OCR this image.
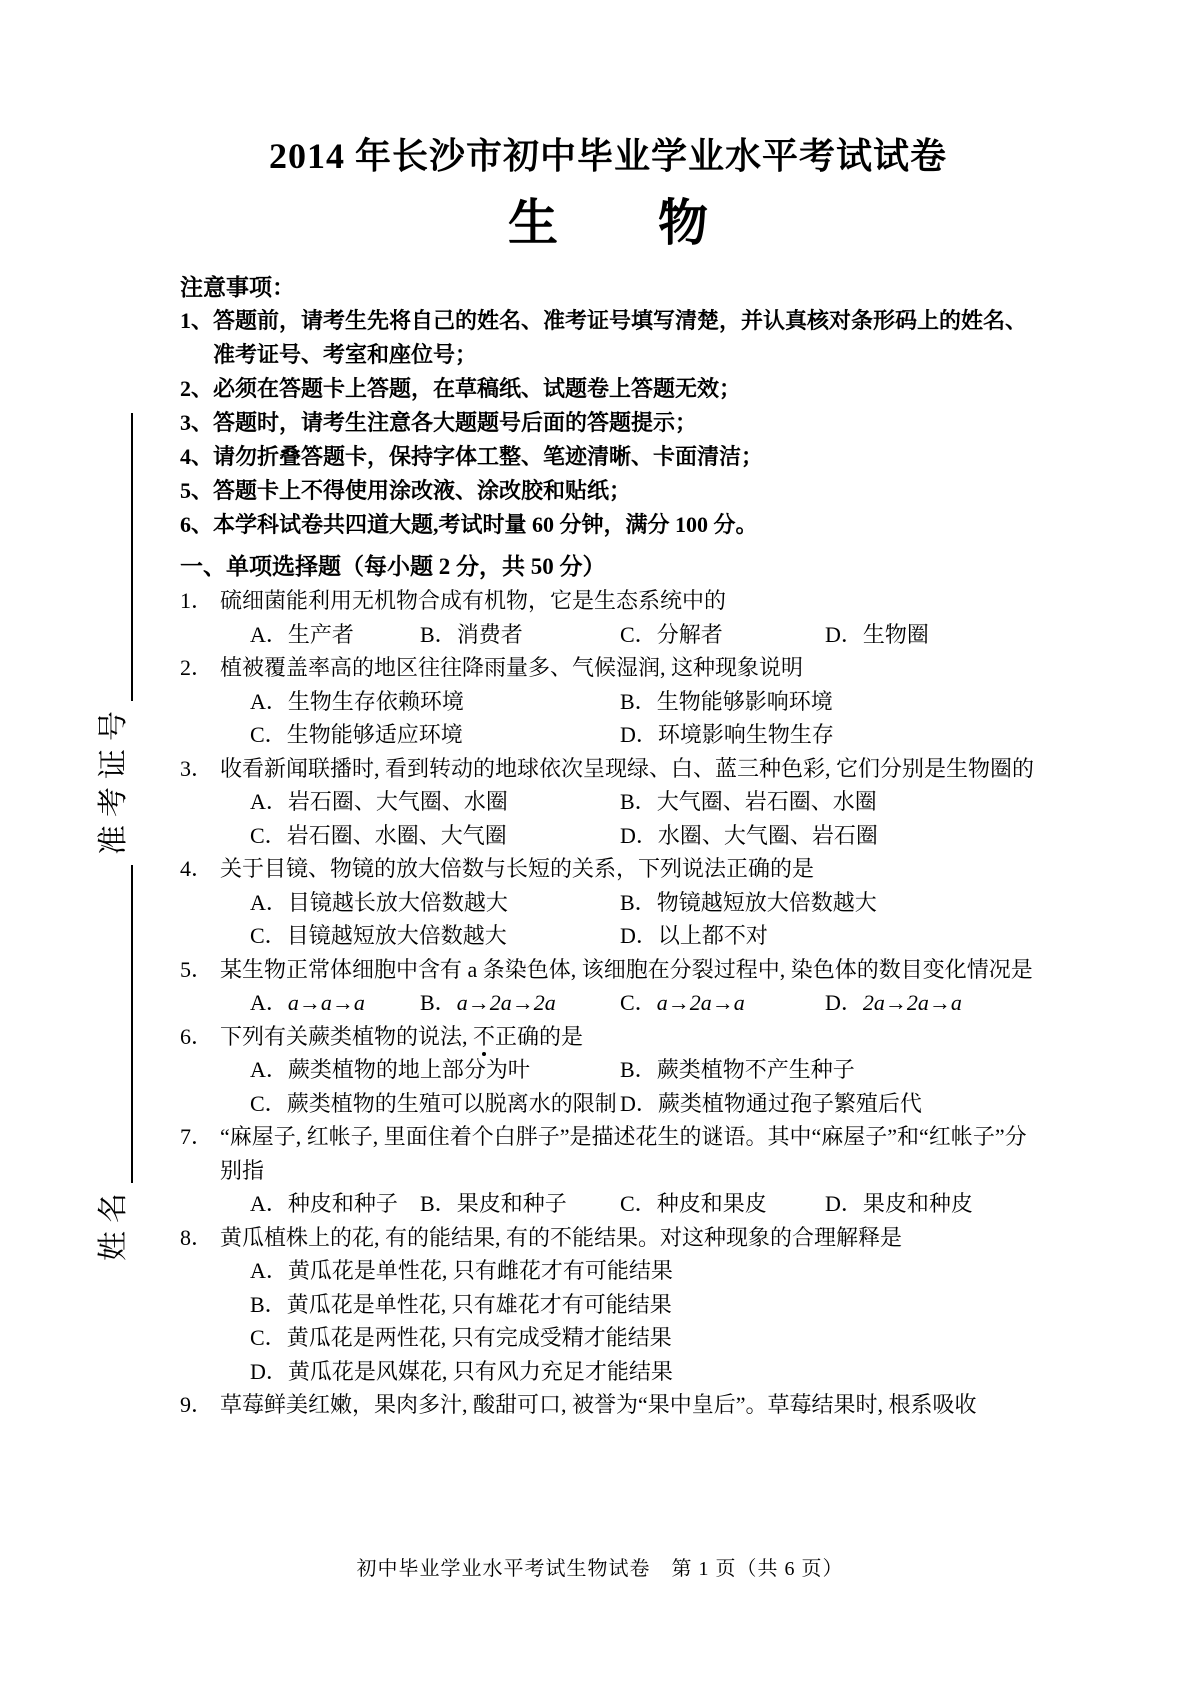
姓名
准考证号
2014 年长沙市初中毕业学业水平考试试卷
生　　物
注意事项：
1、 答题前，请考生先将自己的姓名、准考证号填写清楚，并认真核对条形码上的姓名、准考证号、考室和座位号；
2、 必须在答题卡上答题，在草稿纸、试题卷上答题无效；
3、 答题时，请考生注意各大题题号后面的答题提示；
4、 请勿折叠答题卡，保持字体工整、笔迹清晰、卡面清洁；
5、 答题卡上不得使用涂改液、涂改胶和贴纸；
6、 本学科试卷共四道大题,考试时量 60 分钟，满分 100 分。
一、单项选择题（每小题 2 分，共 50 分）
1． 硫细菌能利用无机物合成有机物，它是生态系统中的
A．生产者	B．消费者	C．分解者	D．生物圈
2． 植被覆盖率高的地区往往降雨量多、气候湿润, 这种现象说明
A．生物生存依赖环境	B．生物能够影响环境
C．生物能够适应环境	D．环境影响生物生存
3． 收看新闻联播时, 看到转动的地球依次呈现绿、白、蓝三种色彩, 它们分别是生物圈的
A．岩石圈、大气圈、水圈	B．大气圈、岩石圈、水圈
C．岩石圈、水圈、大气圈	D．水圈、大气圈、岩石圈
4． 关于目镜、物镜的放大倍数与长短的关系，下列说法正确的是
A．目镜越长放大倍数越大	B．物镜越短放大倍数越大
C．目镜越短放大倍数越大	D．以上都不对
5． 某生物正常体细胞中含有 a 条染色体, 该细胞在分裂过程中, 染色体的数目变化情况是
A．a→a→a	B．a→2a→2a	C．a→2a→a	D．2a→2a→a
6． 下列有关蕨类植物的说法, 不正确的是
A．蕨类植物的地上部分为叶	B．蕨类植物不产生种子
C．蕨类植物的生殖可以脱离水的限制 D．蕨类植物通过孢子繁殖后代
7． “麻屋子, 红帐子, 里面住着个白胖子”是描述花生的谜语。其中“麻屋子”和“红帐子”分别指
A．种皮和种子	B．果皮和种子	C．种皮和果皮	D．果皮和种皮
8． 黄瓜植株上的花, 有的能结果, 有的不能结果。对这种现象的合理解释是
A．黄瓜花是单性花, 只有雌花才有可能结果
B．黄瓜花是单性花, 只有雄花才有可能结果
C．黄瓜花是两性花, 只有完成受精才能结果
D．黄瓜花是风媒花, 只有风力充足才能结果
9． 草莓鲜美红嫩，果肉多汁, 酸甜可口, 被誉为“果中皇后”。草莓结果时, 根系吸收
初中毕业学业水平考试生物试卷　第 1 页（共 6 页）
